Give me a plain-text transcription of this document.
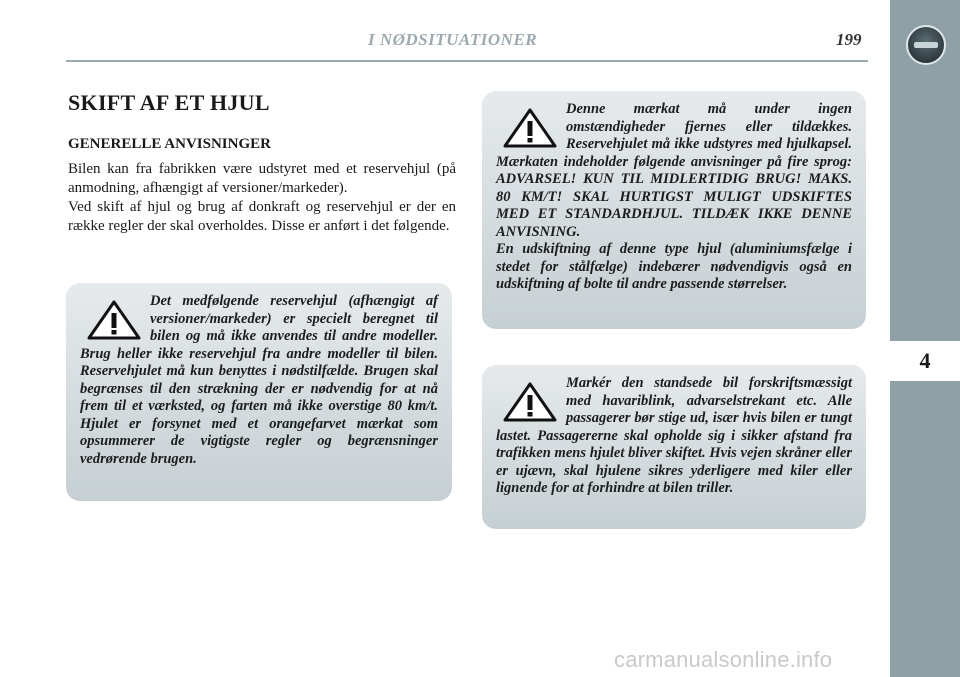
I NØDSITUATIONER	199
4
SKIFT AF ET HJUL
GENERELLE ANVISNINGER

Bilen kan fra fabrikken være udstyret med et reservehjul (på anmodning, afhængigt af versioner/markeder).

Ved skift af hjul og brug af donkraft og reservehjul er der en række regler der skal overholdes. Disse er anført i det følgende.

Det medfølgende reservehjul (afhængigt af versioner/markeder) er specielt beregnet til bilen og må ikke anvendes til andre modeller. Brug heller ikke reservehjul fra andre modeller til bilen. Reservehjulet må kun benyttes i nødstilfælde. Brugen skal begrænses til den strækning der er nødvendig for at nå frem til et værksted, og farten må ikke overstige 80 km/t. Hjulet er forsynet med et orangefarvet mærkat som opsummerer de vigtigste regler og begrænsninger vedrørende brugen.

Denne mærkat må under ingen omstændigheder fjernes eller tildækkes. Reservehjulet må ikke udstyres med hjulkapsel. Mærkaten indeholder følgende anvisninger på fire sprog: ADVARSEL! KUN TIL MIDLERTIDIG BRUG! MAKS. 80 KM/T! SKAL HURTIGST MULIGT UDSKIFTES MED ET STANDARDHJUL. TILDÆK IKKE DENNE ANVISNING.

En udskiftning af denne type hjul (aluminiumsfælge i stedet for stålfælge) indebærer nødvendigvis også en udskiftning af bolte til andre passende størrelser.

Markér den standsede bil forskriftsmæssigt med havariblink, advarselstrekant etc. Alle passagerer bør stige ud, især hvis bilen er tungt lastet. Passagererne skal opholde sig i sikker afstand fra trafikken mens hjulet bliver skiftet. Hvis vejen skråner eller er ujævn, skal hjulene sikres yderligere med kiler eller lignende for at forhindre at bilen triller.

carmanualsonline.info
